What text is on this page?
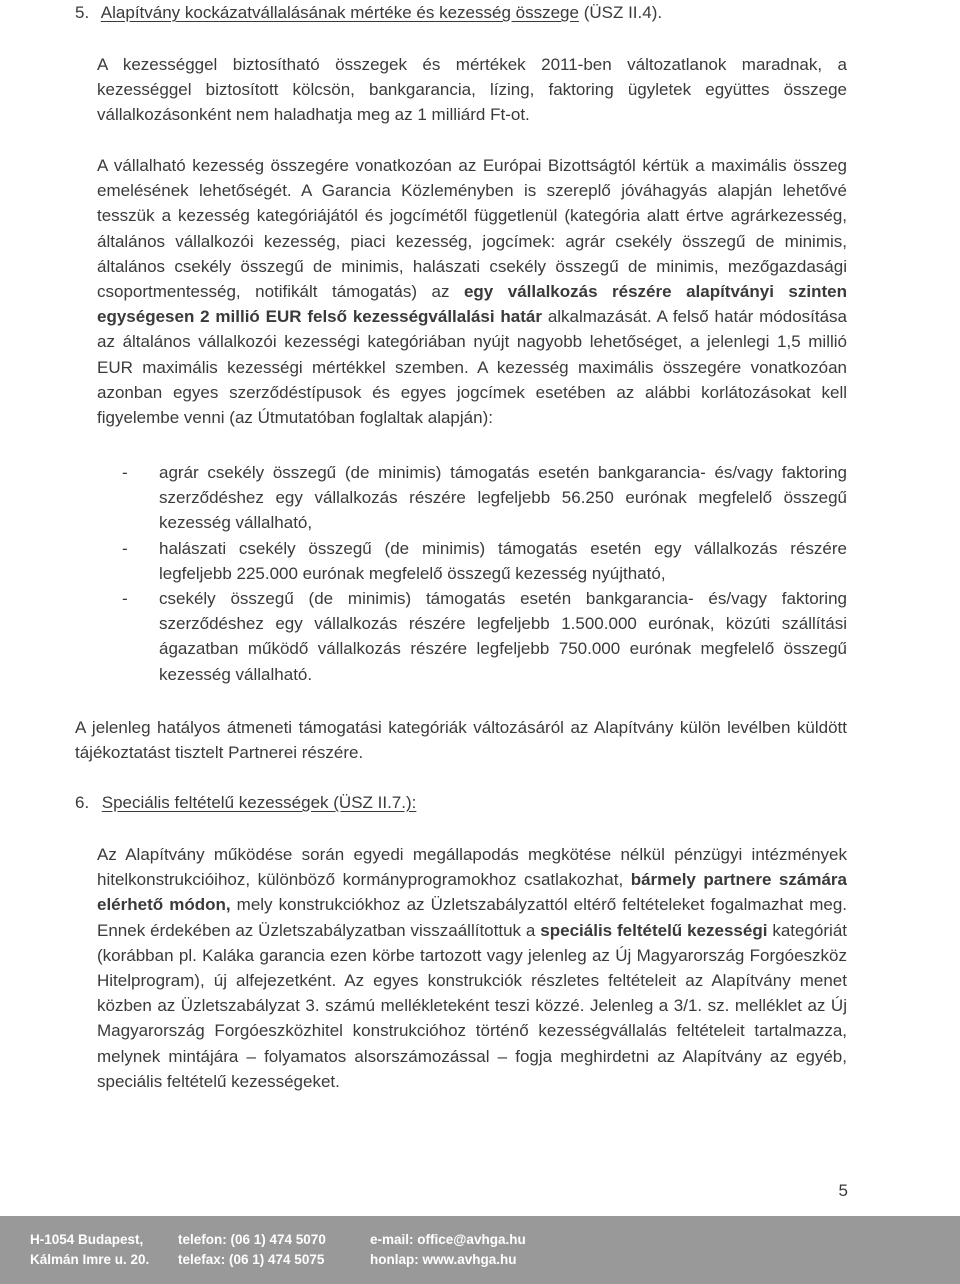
5. Alapítvány kockázatvállalásának mértéke és kezesség összege (ÜSZ II.4).

A kezességgel biztosítható összegek és mértékek 2011-ben változatlanok maradnak, a kezességgel biztosított kölcsön, bankgarancia, lízing, faktoring ügyletek együttes összege vállalkozásonként nem haladhatja meg az 1 milliárd Ft-ot.

A vállalható kezesség összegére vonatkozóan az Európai Bizottságtól kértük a maximális összeg emelésének lehetőségét. A Garancia Közleményben is szereplő jóváhagyás alapján lehetővé tesszük a kezesség kategóriájától és jogcímétől függetlenül (kategória alatt értve agrárkezesség, általános vállalkozói kezesség, piaci kezesség, jogcímek: agrár csekély összegű de minimis, általános csekély összegű de minimis, halászati csekély összegű de minimis, mezőgazdasági csoportmentesség, notifikált támogatás) az egy vállalkozás részére alapítványi szinten egységesen 2 millió EUR felső kezességvállalási határ alkalmazását. A felső határ módosítása az általános vállalkozói kezességi kategóriában nyújt nagyobb lehetőséget, a jelenlegi 1,5 millió EUR maximális kezességi mértékkel szemben. A kezesség maximális összegére vonatkozóan azonban egyes szerződéstípusok és egyes jogcímek esetében az alábbi korlátozásokat kell figyelembe venni (az Útmutatóban foglaltak alapján):

- agrár csekély összegű (de minimis) támogatás esetén bankgarancia- és/vagy faktoring szerződéshez egy vállalkozás részére legfeljebb 56.250 eurónak megfelelő összegű kezesség vállalható,
- halászati csekély összegű (de minimis) támogatás esetén egy vállalkozás részére legfeljebb 225.000 eurónak megfelelő összegű kezesség nyújtható,
- csekély összegű (de minimis) támogatás esetén bankgarancia- és/vagy faktoring szerződéshez egy vállalkozás részére legfeljebb 1.500.000 eurónak, közúti szállítási ágazatban működő vállalkozás részére legfeljebb 750.000 eurónak megfelelő összegű kezesség vállalható.

A jelenleg hatályos átmeneti támogatási kategóriák változásáról az Alapítvány külön levélben küldött tájékoztatást tisztelt Partnerei részére.

6. Speciális feltételű kezességek (ÜSZ II.7.):

Az Alapítvány működése során egyedi megállapodás megkötése nélkül pénzügyi intézmények hitelkonstrukcióihoz, különböző kormányprogramokhoz csatlakozhat, bármely partnere számára elérhető módon, mely konstrukciókhoz az Üzletszabályzattól eltérő feltételeket fogalmazhat meg. Ennek érdekében az Üzletszabályzatban visszaállítottuk a speciális feltételű kezességi kategóriát (korábban pl. Kaláka garancia ezen körbe tartozott vagy jelenleg az Új Magyarország Forgóeszköz Hitelprogram), új alfejezetként. Az egyes konstrukciók részletes feltételeit az Alapítvány menet közben az Üzletszabályzat 3. számú mellékleteként teszi közzé. Jelenleg a 3/1. sz. melléklet az Új Magyarország Forgóeszközhitel konstrukcióhoz történő kezességvállalás feltételeit tartalmazza, melynek mintájára – folyamatos alsorszámozással – fogja meghirdetni az Alapítvány az egyéb, speciális feltételű kezességeket.

5
H-1054 Budapest,
Kálmán Imre u. 20.
telefon: (06 1) 474 5070
telefax: (06 1) 474 5075
e-mail: office@avhga.hu
honlap: www.avhga.hu
